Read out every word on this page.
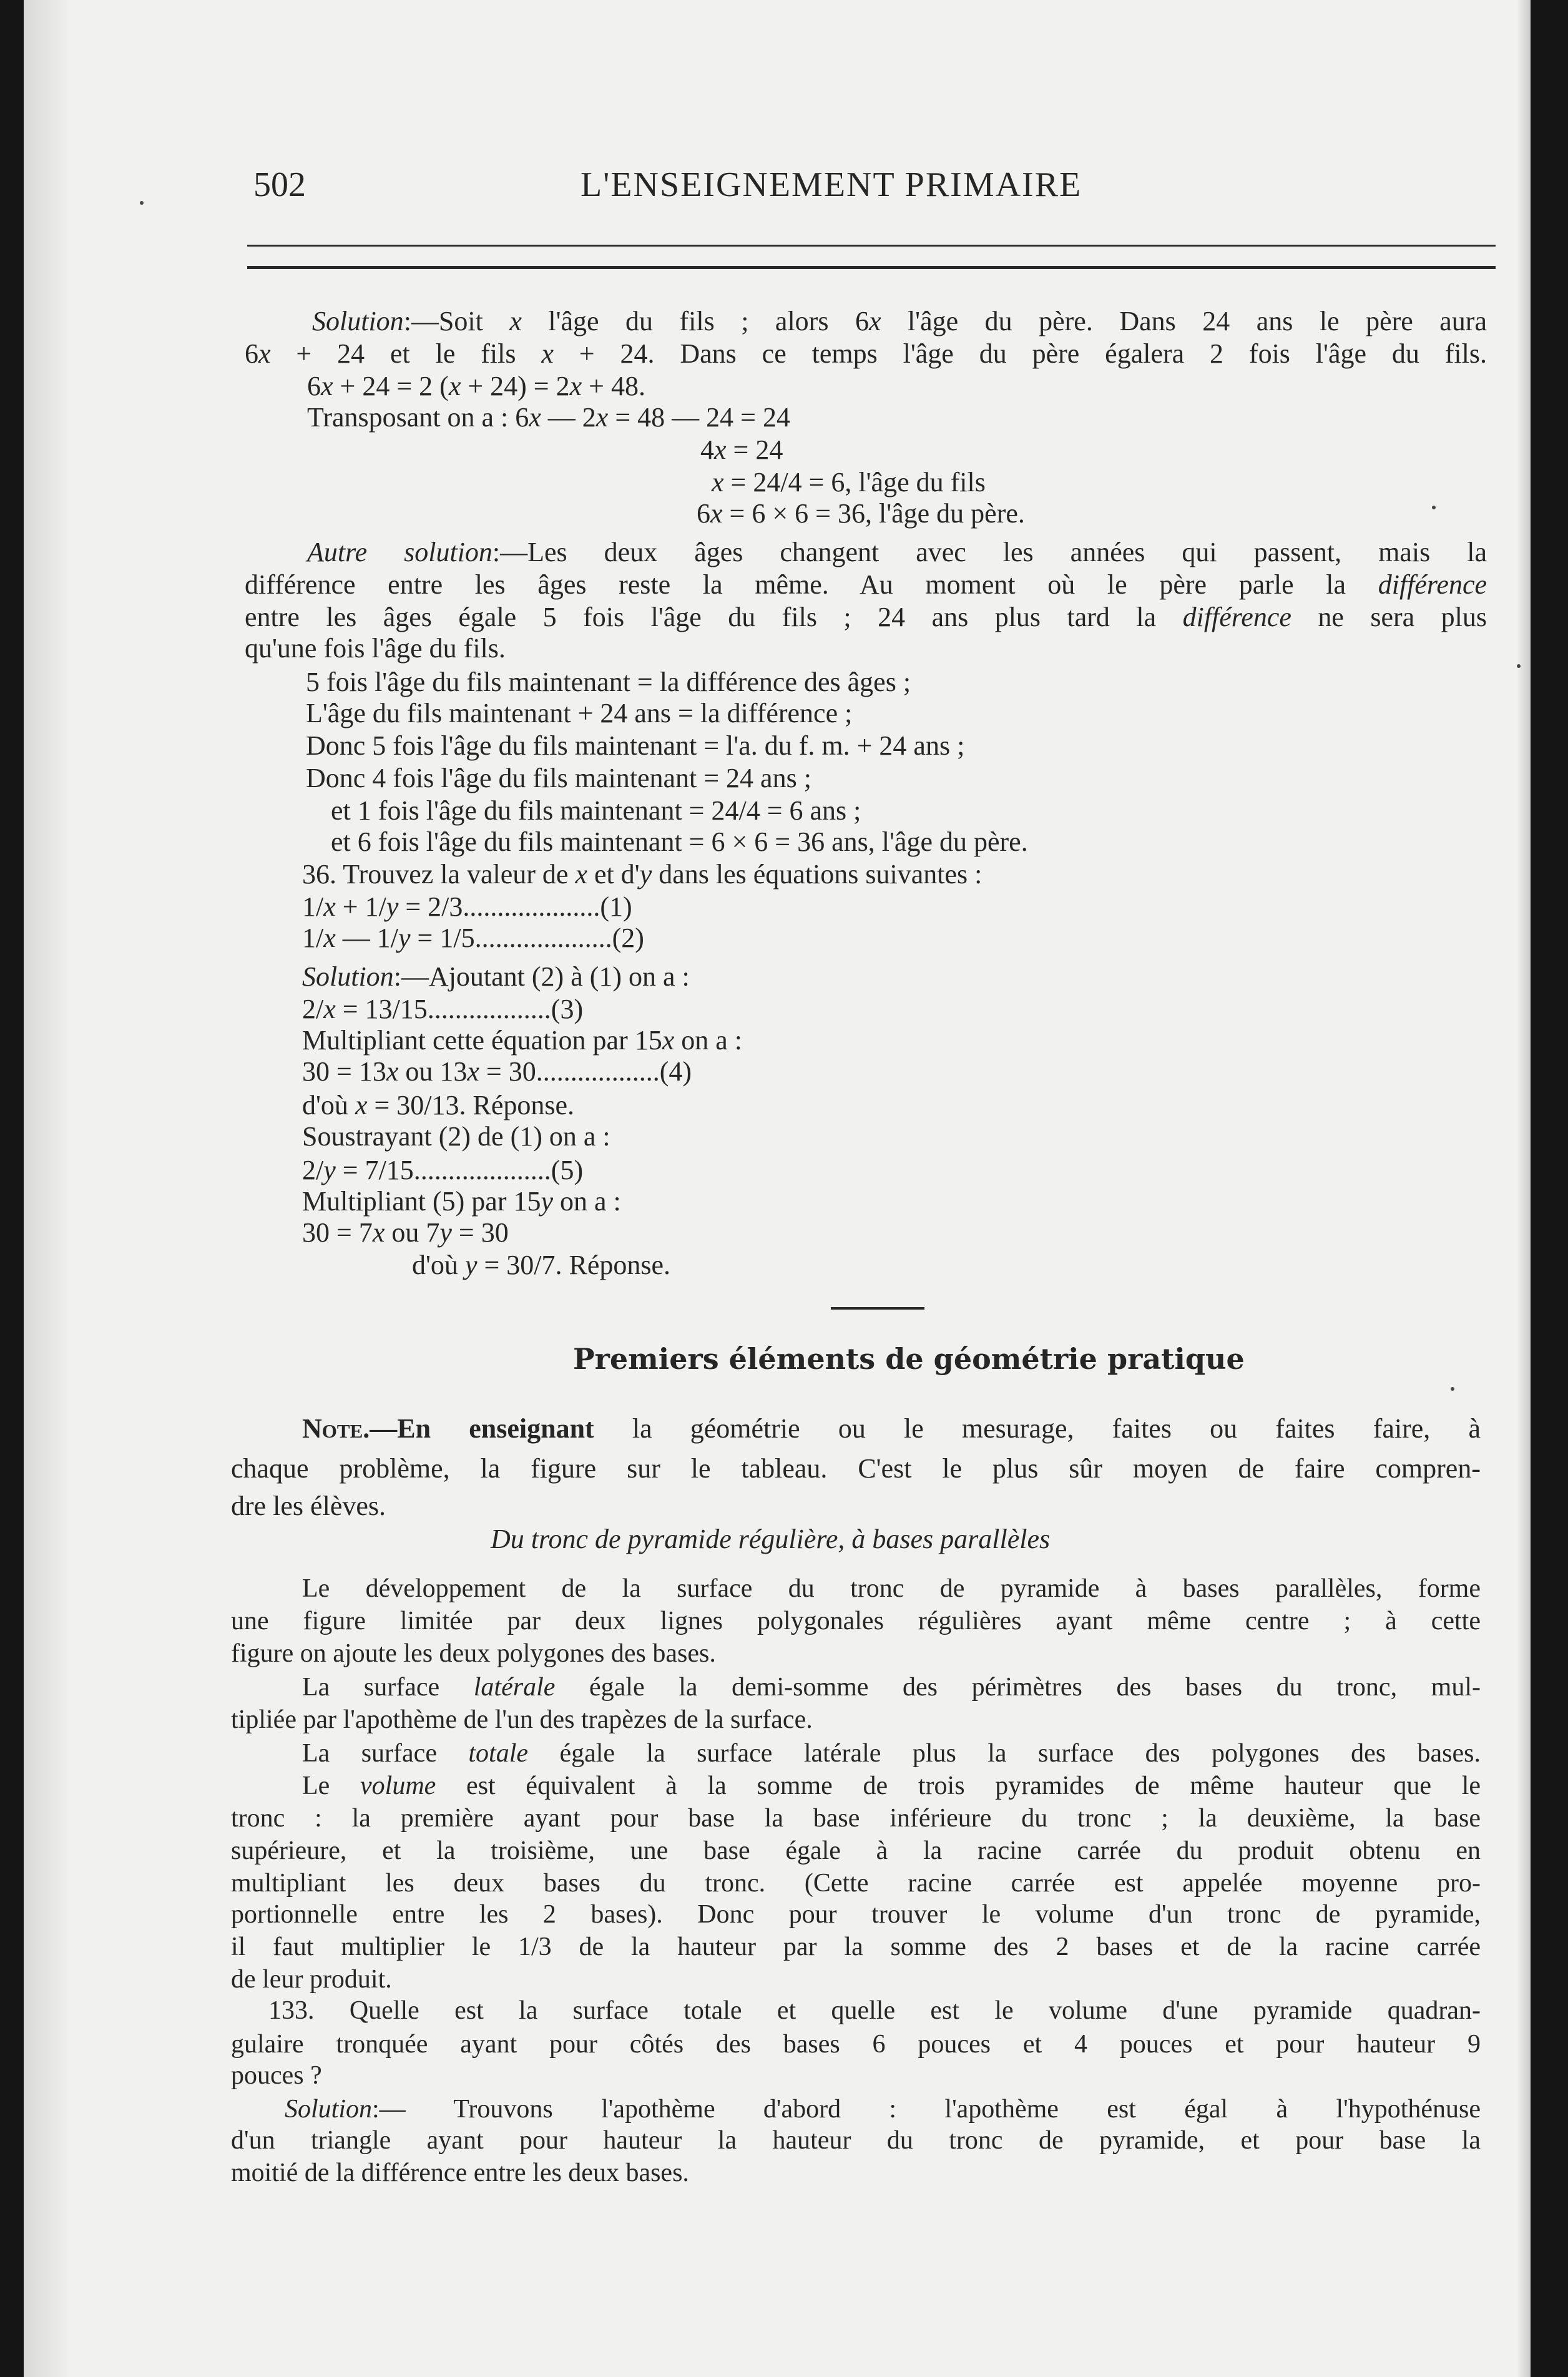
502	L'ENSEIGNEMENT PRIMAIRE
Solution:—Soit x l'âge du fils ; alors 6x l'âge du père. Dans 24 ans le père aura
6x + 24 et le fils x + 24. Dans ce temps l'âge du père égalera 2 fois l'âge du fils.
6x + 24 = 2 (x + 24) = 2x + 48.
Transposant on a : 6x — 2x = 48 — 24 = 24
4x = 24
x = 24/4 = 6, l'âge du fils
6x = 6 × 6 = 36, l'âge du père.
Autre solution:—Les deux âges changent avec les années qui passent, mais la
différence entre les âges reste la même. Au moment où le père parle la différence
entre les âges égale 5 fois l'âge du fils ; 24 ans plus tard la différence ne sera plus
qu'une fois l'âge du fils.
5 fois l'âge du fils maintenant = la différence des âges ;
L'âge du fils maintenant + 24 ans = la différence ;
Donc 5 fois l'âge du fils maintenant = l'a. du f. m. + 24 ans ;
Donc 4 fois l'âge du fils maintenant = 24 ans ;
et 1 fois l'âge du fils maintenant = 24/4 = 6 ans ;
et 6 fois l'âge du fils maintenant = 6 × 6 = 36 ans, l'âge du père.
36. Trouvez la valeur de x et d'y dans les équations suivantes :
1/x + 1/y = 2/3....................(1)
1/x — 1/y = 1/5....................(2)
Solution:—Ajoutant (2) à (1) on a :
2/x = 13/15..................(3)
Multipliant cette équation par 15x on a :
30 = 13x ou 13x = 30..................(4)
d'où x = 30/13. Réponse.
Soustrayant (2) de (1) on a :
2/y = 7/15....................(5)
Multipliant (5) par 15y on a :
30 = 7x ou 7y = 30
d'où y = 30/7. Réponse.
Note.—En enseignant la géométrie ou le mesurage, faites ou faites faire, à
chaque problème, la figure sur le tableau. C'est le plus sûr moyen de faire compren-
dre les élèves.
Le développement de la surface du tronc de pyramide à bases parallèles, forme
une figure limitée par deux lignes polygonales régulières ayant même centre ; à cette
figure on ajoute les deux polygones des bases.
La surface latérale égale la demi-somme des périmètres des bases du tronc, mul-
tipliée par l'apothème de l'un des trapèzes de la surface.
La surface totale égale la surface latérale plus la surface des polygones des bases.
Le volume est équivalent à la somme de trois pyramides de même hauteur que le
tronc : la première ayant pour base la base inférieure du tronc ; la deuxième, la base
supérieure, et la troisième, une base égale à la racine carrée du produit obtenu en
multipliant les deux bases du tronc. (Cette racine carrée est appelée moyenne pro-
portionnelle entre les 2 bases). Donc pour trouver le volume d'un tronc de pyramide,
il faut multiplier le 1/3 de la hauteur par la somme des 2 bases et de la racine carrée
de leur produit.
133. Quelle est la surface totale et quelle est le volume d'une pyramide quadran-
gulaire tronquée ayant pour côtés des bases 6 pouces et 4 pouces et pour hauteur 9
pouces ?
Solution:— Trouvons l'apothème d'abord : l'apothème est égal à l'hypothénuse
d'un triangle ayant pour hauteur la hauteur du tronc de pyramide, et pour base la
moitié de la différence entre les deux bases.
Premiers éléments de géométrie pratique
Du tronc de pyramide régulière, à bases parallèles
